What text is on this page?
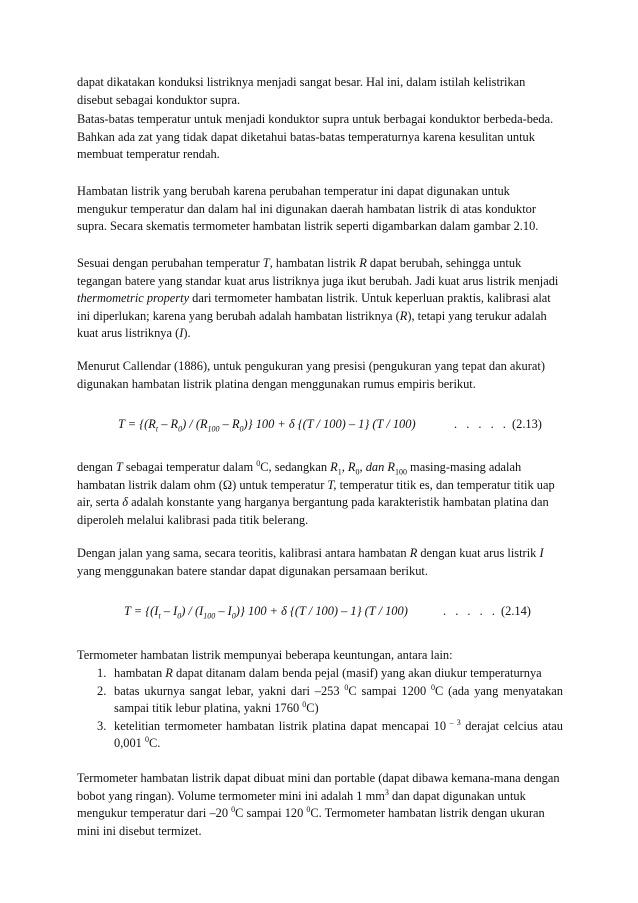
dapat dikatakan konduksi listriknya menjadi sangat besar. Hal ini, dalam istilah kelistrikan disebut sebagai konduktor supra.

Batas-batas temperatur untuk menjadi konduktor supra untuk berbagai konduktor berbeda-beda. Bahkan ada zat yang tidak dapat diketahui batas-batas temperaturnya karena kesulitan untuk membuat temperatur rendah.

Hambatan listrik yang berubah karena perubahan temperatur ini dapat digunakan untuk mengukur temperatur dan dalam hal ini digunakan daerah hambatan listrik di atas konduktor supra. Secara skematis termometer hambatan listrik seperti digambarkan dalam gambar 2.10.

Sesuai dengan perubahan temperatur T, hambatan listrik R dapat berubah, sehingga untuk tegangan batere yang standar kuat arus listriknya juga ikut berubah. Jadi kuat arus listrik menjadi thermometric property dari termometer hambatan listrik. Untuk keperluan praktis, kalibrasi alat ini diperlukan; karena yang berubah adalah hambatan listriknya (R), tetapi yang terukur adalah kuat arus listriknya (I).

Menurut Callendar (1886), untuk pengukuran yang presisi (pengukuran yang tepat dan akurat) digunakan hambatan listrik platina dengan menggunakan rumus empiris berikut.

$T = \{(R_t - R_0) / (R_{100} - R_0)\} 100 + \delta$ {(T / 100) – 1} (T / 100)	. . . . . (2.13)

dengan T sebagai temperatur dalam $^0$C, sedangkan $R_1$, $R_0$, dan $R_{100}$ masing-masing adalah hambatan listrik dalam ohm (Ω) untuk temperatur T, temperatur titik es, dan temperatur titik uap air, serta δ adalah konstante yang harganya bergantung pada karakteristik hambatan platina dan diperoleh melalui kalibrasi pada titik belerang.

Dengan jalan yang sama, secara teoritis, kalibrasi antara hambatan R dengan kuat arus listrik I yang menggunakan batere standar dapat digunakan persamaan berikut.

$T = \{(I_t - I_0) / (I_{100} - I_0)\} 100 + \delta$ {(T / 100) – 1} (T / 100)	. . . . . (2.14)

Termometer hambatan listrik mempunyai beberapa keuntungan, antara lain:

1. hambatan R dapat ditanam dalam benda pejal (masif) yang akan diukur temperaturnya
2. batas ukurnya sangat lebar, yakni dari –253 $^0$C sampai 1200 $^0$C (ada yang menyatakan sampai titik lebur platina, yakni 1760 $^0$C)
3. ketelitian termometer hambatan listrik platina dapat mencapai 10 $^{- 3}$ derajat celcius atau 0,001 $^0$C.

Termometer hambatan listrik dapat dibuat mini dan portable (dapat dibawa kemana-mana dengan bobot yang ringan). Volume termometer mini ini adalah 1 $mm^3$ dan dapat digunakan untuk mengukur temperatur dari –20 $^0$C sampai 120 $^0$C. Termometer hambatan listrik dengan ukuran mini ini disebut termizet.
